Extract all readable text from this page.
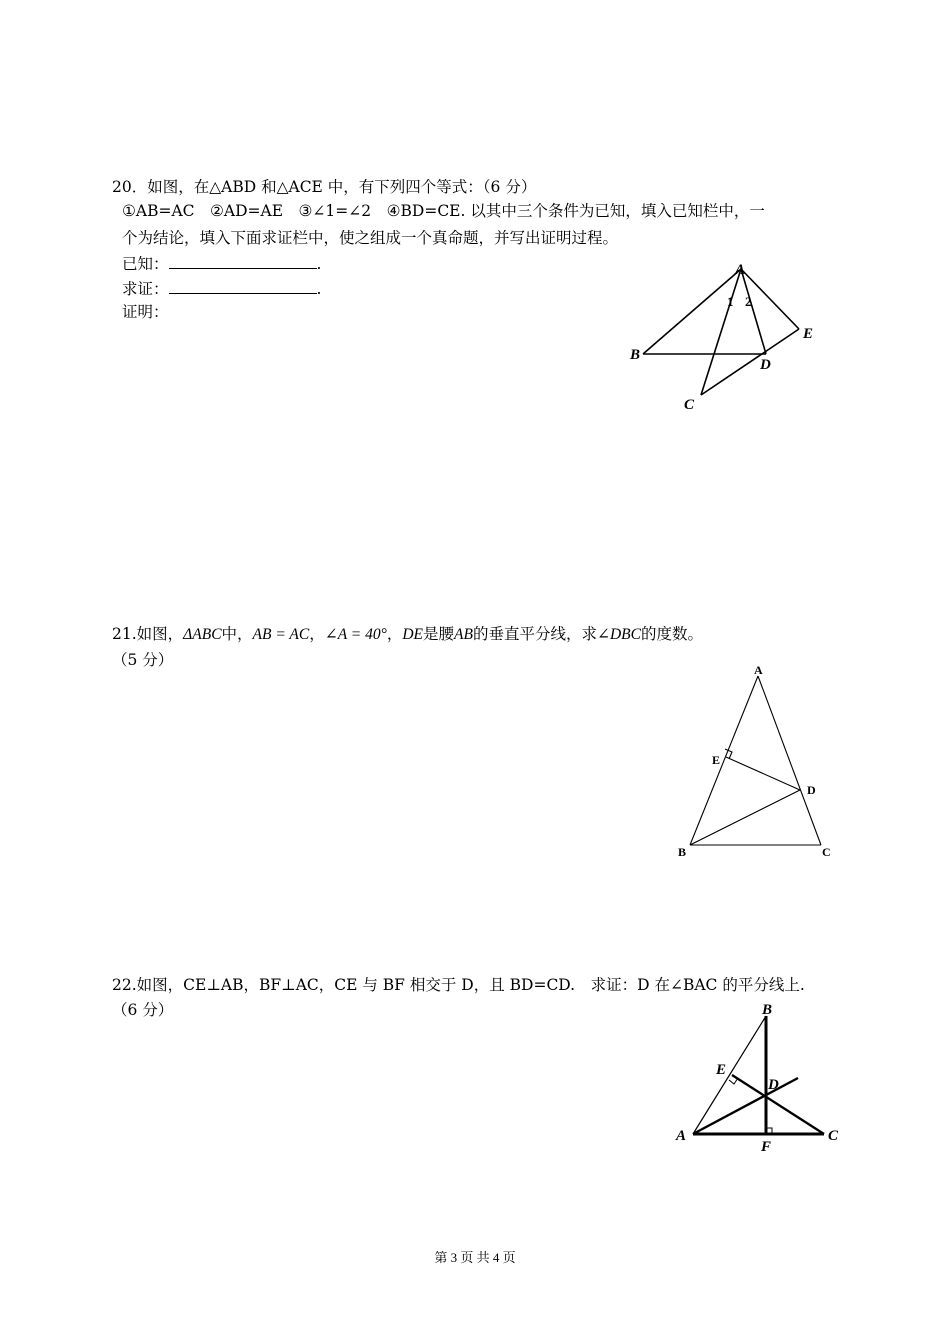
20．如图，在△ABD 和△ACE 中，有下列四个等式：（6 分）
①AB=AC　②AD=AE　③∠1=∠2　④BD=CE. 以其中三个条件为已知，填入已知栏中，一
个为结论，填入下面求证栏中，使之组成一个真命题，并写出证明过程。
已知：	.
求证：	.
证明：
A
B
C
D
E
1 2
21.如图，ΔABC中，AB = AC，∠A = 40°，DE是腰AB的垂直平分线，求∠DBC的度数。
（5 分）
A
E
D
B	C
22.如图，CE⊥AB，BF⊥AC，CE 与 BF 相交于 D，且 BD=CD.　求证：D 在∠BAC 的平分线上.
（6 分）	B
E
D
A
F
C
第 3 页 共 4 页
